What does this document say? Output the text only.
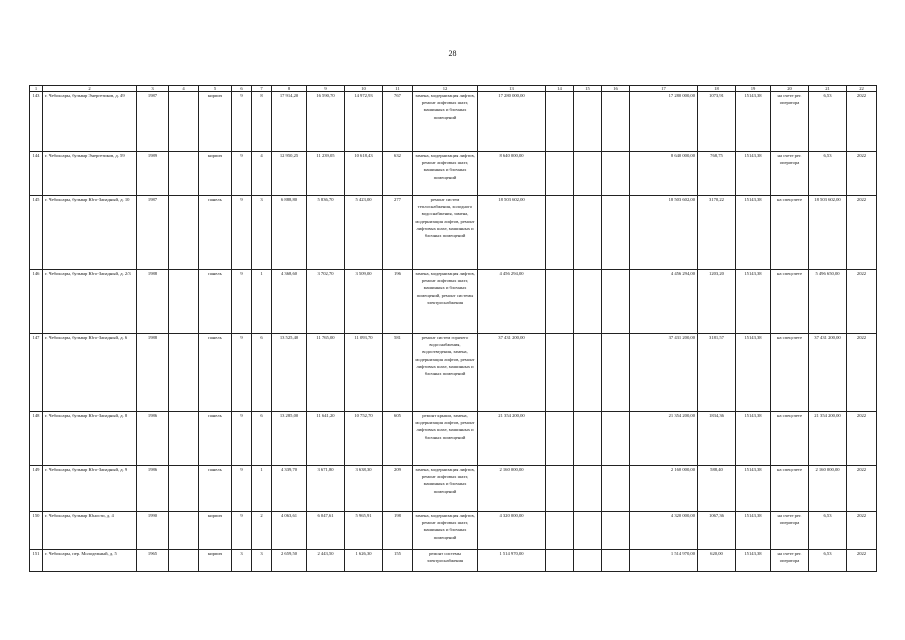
28
1	2	3	4	5	6	7	8	9	10	11	12	13	14	15	16	17	18	19	20	21	22
143	г. Чебоксары, бульвар Энергетиков, д. 49	1987		кирпич	9	8	17 914,20	16 590,70	14 972,93	767	замена, модернизация лифтов, ремонт лифтовых шахт, машинных и блочных помещений	17 280 000,00				17 280 000,00	1073,91	15143,38	на счете рег. оператора	6,53	2022
144	г. Чебоксары, бульвар Энергетиков, д. 59	1989		кирпич	9	4	12 950,25	11 239,05	10 618,43	632	замена, модернизация лифтов, ремонт лифтовых шахт, машинных и блочных помещений	8 640 000,00				8 640 000,00	768,75	15143,38	на счете рег. оператора	6,53	2022
145	г. Чебоксары, бульвар Юго-Западный, д. 10	1987		панель	9	3	6 888,80	5 836,70	5 423,00	277	ремонт систем теплоснабжения, холодного водоснабжения, замена, модернизация лифтов, ремонт лифтовых шахт, машинных и блочных помещений	18 503 602,00				18 503 602,00	3170,22	15143,38	на спецсчете	18 503 602,00	2022
146	г. Чебоксары, бульвар Юго-Западный, д. 2/3	1988		панель	9	1	4 368,60	3 702,70	3 509,00	196	замена, модернизация лифтов, ремонт лифтовых шахт, машинных и блочных помещений, ремонт системы электроснабжения	4 456 294,00				4 456 294,00	1203,20	15143,38	на спецсчете	5 496 650,00	2022
147	г. Чебоксары, бульвар Юго-Западный, д. 6	1988		панель	9	6	13 525,40	11 765,00	11 093,70	581	ремонт систем горячего водоснабжения, водоотведения, замена, модернизация лифтов, ремонт лифтовых шахт, машинных и блочных помещений	37 431 200,00				37 431 200,00	3181,57	15143,38	на спецсчете	37 431 200,00	2022
148	г. Чебоксары, бульвар Юго-Западный, д. 8	1986		панель	9	6	13 285,00	11 641,20	10 752,70	605	ремонт крыши, замена, модернизация лифтов, ремонт лифтовых шахт, машинных и блочных помещений	21 354 200,00				21 354 200,00	1834,36	15143,38	на спецсчете	21 354 200,00	2022
149	г. Чебоксары, бульвар Юго-Западный, д. 9	1986		панель	9	1	4 339,70	3 671,80	3 638,30	209	замена, модернизация лифтов, ремонт лифтовых шахт, машинных и блочных помещений	2 160 000,00				2 160 000,00	588,40	15143,38	на спецсчете	2 160 000,00	2022
150	г. Чебоксары, бульвар Юности, д. 4	1990		кирпич	9	2	4 063,61	6 047,61	5 965,91	198	замена, модернизация лифтов, ремонт лифтовых шахт, машинных и блочных помещений	4 320 000,00				4 320 000,00	1067,36	15143,38	на счете рег. оператора	6,53	2022
151	г. Чебоксары, пер. Молодежный, д. 5	1965		кирпич	3	3	2 659,50	2 443,50	1 626,30	155	ремонт системы электроснабжения	1 514 970,00				1 514 970,00	620,00	15143,38	на счете рег. оператора	6,53	2022
